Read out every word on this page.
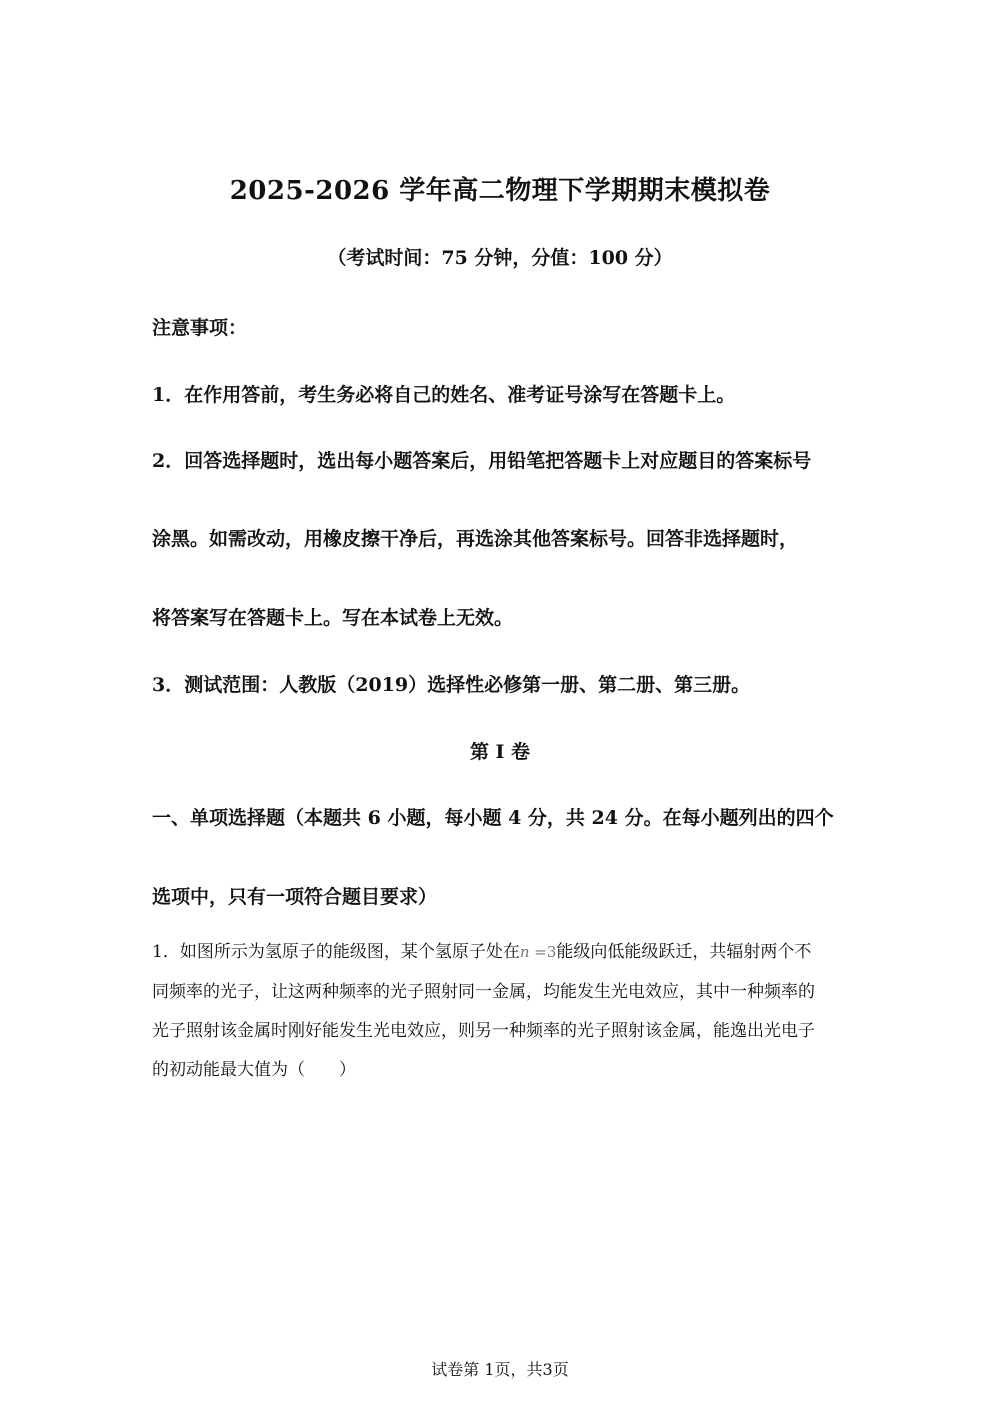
2025-2026 学年高二物理下学期期末模拟卷
（考试时间：75 分钟，分值：100 分）
注意事项：
1．在作用答前，考生务必将自己的姓名、准考证号涂写在答题卡上。
2．回答选择题时，选出每小题答案后，用铅笔把答题卡上对应题目的答案标号
涂黑。如需改动，用橡皮擦干净后，再选涂其他答案标号。回答非选择题时，
将答案写在答题卡上。写在本试卷上无效。
3．测试范围：人教版（2019）选择性必修第一册、第二册、第三册。
第 I 卷
一、单项选择题（本题共 6 小题，每小题 4 分，共 24 分。在每小题列出的四个
选项中，只有一项符合题目要求）
1．如图所示为氢原子的能级图，某个氢原子处在n =3能级向低能级跃迁，共辐射两个不
同频率的光子，让这两种频率的光子照射同一金属，均能发生光电效应，其中一种频率的
光子照射该金属时刚好能发生光电效应，则另一种频率的光子照射该金属，能逸出光电子
的初动能最大值为（　　）
试卷第 1页，共3页
